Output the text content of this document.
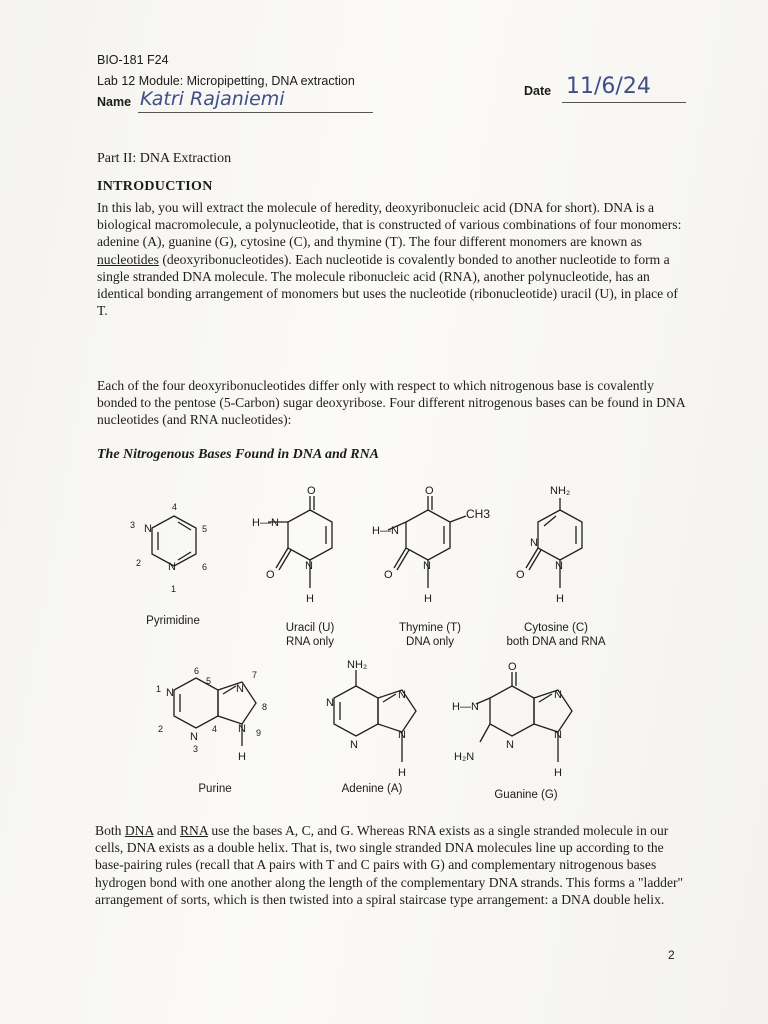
BIO-181 F24
Lab 12 Module: Micropipetting, DNA extraction
Name Katri Rajaniemi	Date 11/6/24
Part II: DNA Extraction
INTRODUCTION
In this lab, you will extract the molecule of heredity, deoxyribonucleic acid (DNA for short). DNA is a biological macromolecule, a polynucleotide, that is constructed of various combinations of four monomers: adenine (A), guanine (G), cytosine (C), and thymine (T). The four different monomers are known as nucleotides (deoxyribonucleotides). Each nucleotide is covalently bonded to another nucleotide to form a single stranded DNA molecule. The molecule ribonucleic acid (RNA), another polynucleotide, has an identical bonding arrangement of monomers but uses the nucleotide (ribonucleotide) uracil (U), in place of T.
Each of the four deoxyribonucleotides differ only with respect to which nitrogenous base is covalently bonded to the pentose (5-Carbon) sugar deoxyribose. Four different nitrogenous bases can be found in DNA nucleotides (and RNA nucleotides):
The Nitrogenous Bases Found in DNA and RNA
N
N
4
5
6
1
2
3
O
H—N
O
N
H
O
H—N
CH3
O
N
H
NH₂
N
O
N
H
N
N
N
N
H
1
2
3
4
5
6	7
8
9
NH₂
N
N
N
N
H
O
H—N
H₂N
N
N
N
H
Pyrimidine
Uracil (U)
RNA only
Thymine (T)
DNA only
Cytosine (C)
both DNA and RNA
Purine	Adenine (A)	Guanine (G)
Both DNA and RNA use the bases A, C, and G. Whereas RNA exists as a single stranded molecule in our cells, DNA exists as a double helix. That is, two single stranded DNA molecules line up according to the base-pairing rules (recall that A pairs with T and C pairs with G) and complementary nitrogenous bases hydrogen bond with one another along the length of the complementary DNA strands. This forms a "ladder" arrangement of sorts, which is then twisted into a spiral staircase type arrangement: a DNA double helix.
2
